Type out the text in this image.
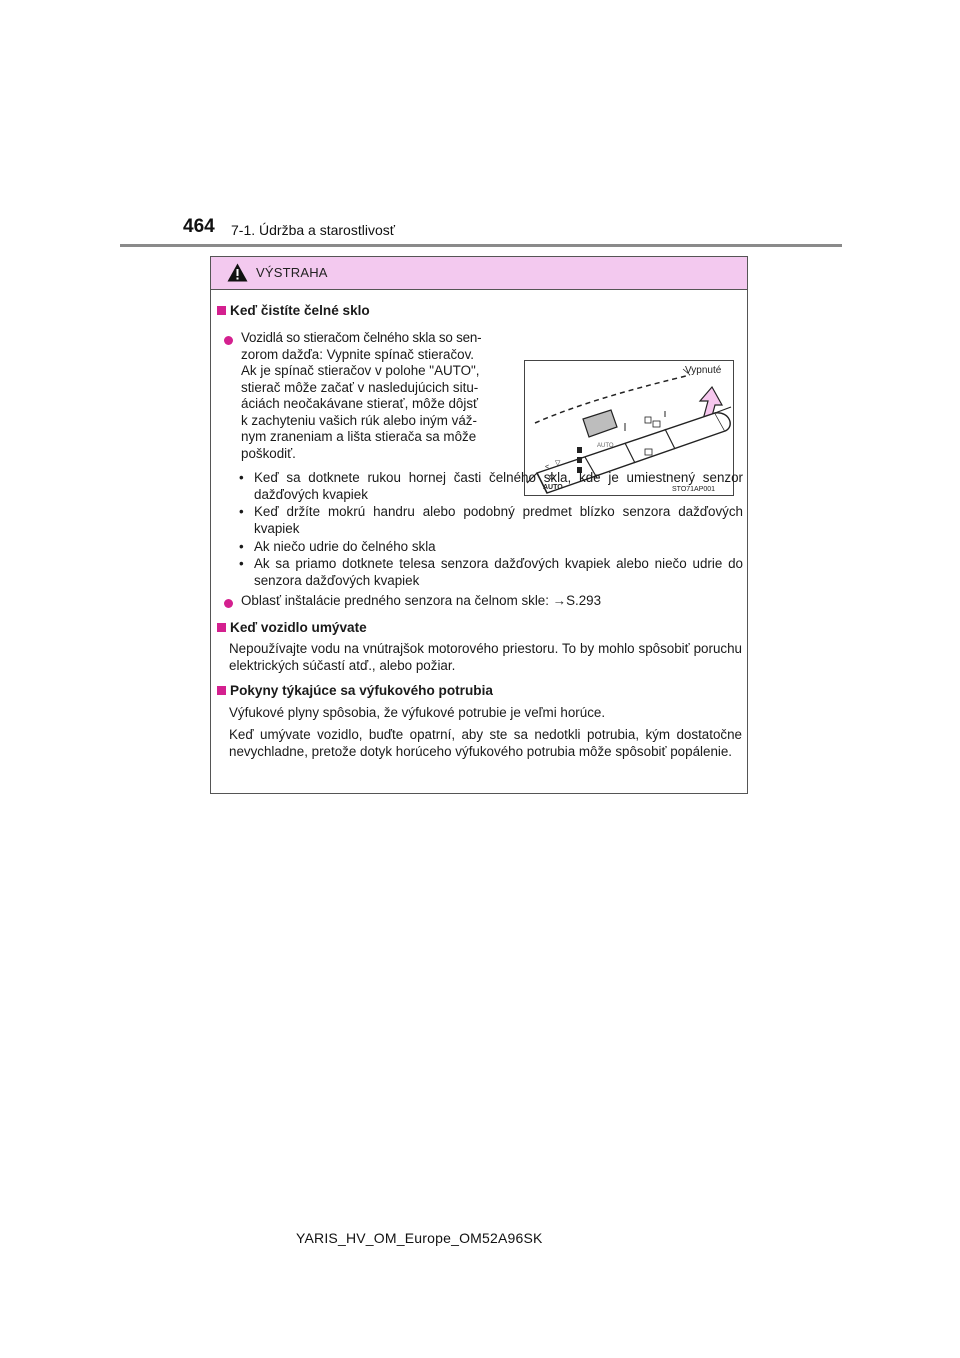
464 7-1. Údržba a starostlivosť
VÝSTRAHA
Keď čistíte čelné sklo
Vozidlá so stieračom čelného skla so sen-
zorom dažďa: Vypnite spínač stieračov.
Ak je spínač stieračov v polohe "AUTO",
stierač môže začať v nasledujúcich situ-
áciách neočakávane stierať, môže dôjsť
k zachyteniu vašich rúk alebo iným váž-
nym zraneniam a lišta stierača sa môže
poškodiť.
<
▽
AUTO
AUTO
STO71AP001
Vypnuté
• Keď sa dotknete rukou hornej časti čelného skla, kde je umiestnený senzor dažďových kvapiek
• Keď držíte mokrú handru alebo podobný predmet blízko senzora dažďových kvapiek
• Ak niečo udrie do čelného skla
• Ak sa priamo dotknete telesa senzora dažďových kvapiek alebo niečo udrie do senzora dažďových kvapiek
Oblasť inštalácie predného senzora na čelnom skle: →S.293
Keď vozidlo umývate
Nepoužívajte vodu na vnútrajšok motorového priestoru. To by mohlo spôsobiť poruchu elektrických súčastí atď., alebo požiar.
Pokyny týkajúce sa výfukového potrubia
Výfukové plyny spôsobia, že výfukové potrubie je veľmi horúce.
Keď umývate vozidlo, buďte opatrní, aby ste sa nedotkli potrubia, kým dostatočne nevychladne, pretože dotyk horúceho výfukového potrubia môže spôsobiť popálenie.
YARIS_HV_OM_Europe_OM52A96SK
